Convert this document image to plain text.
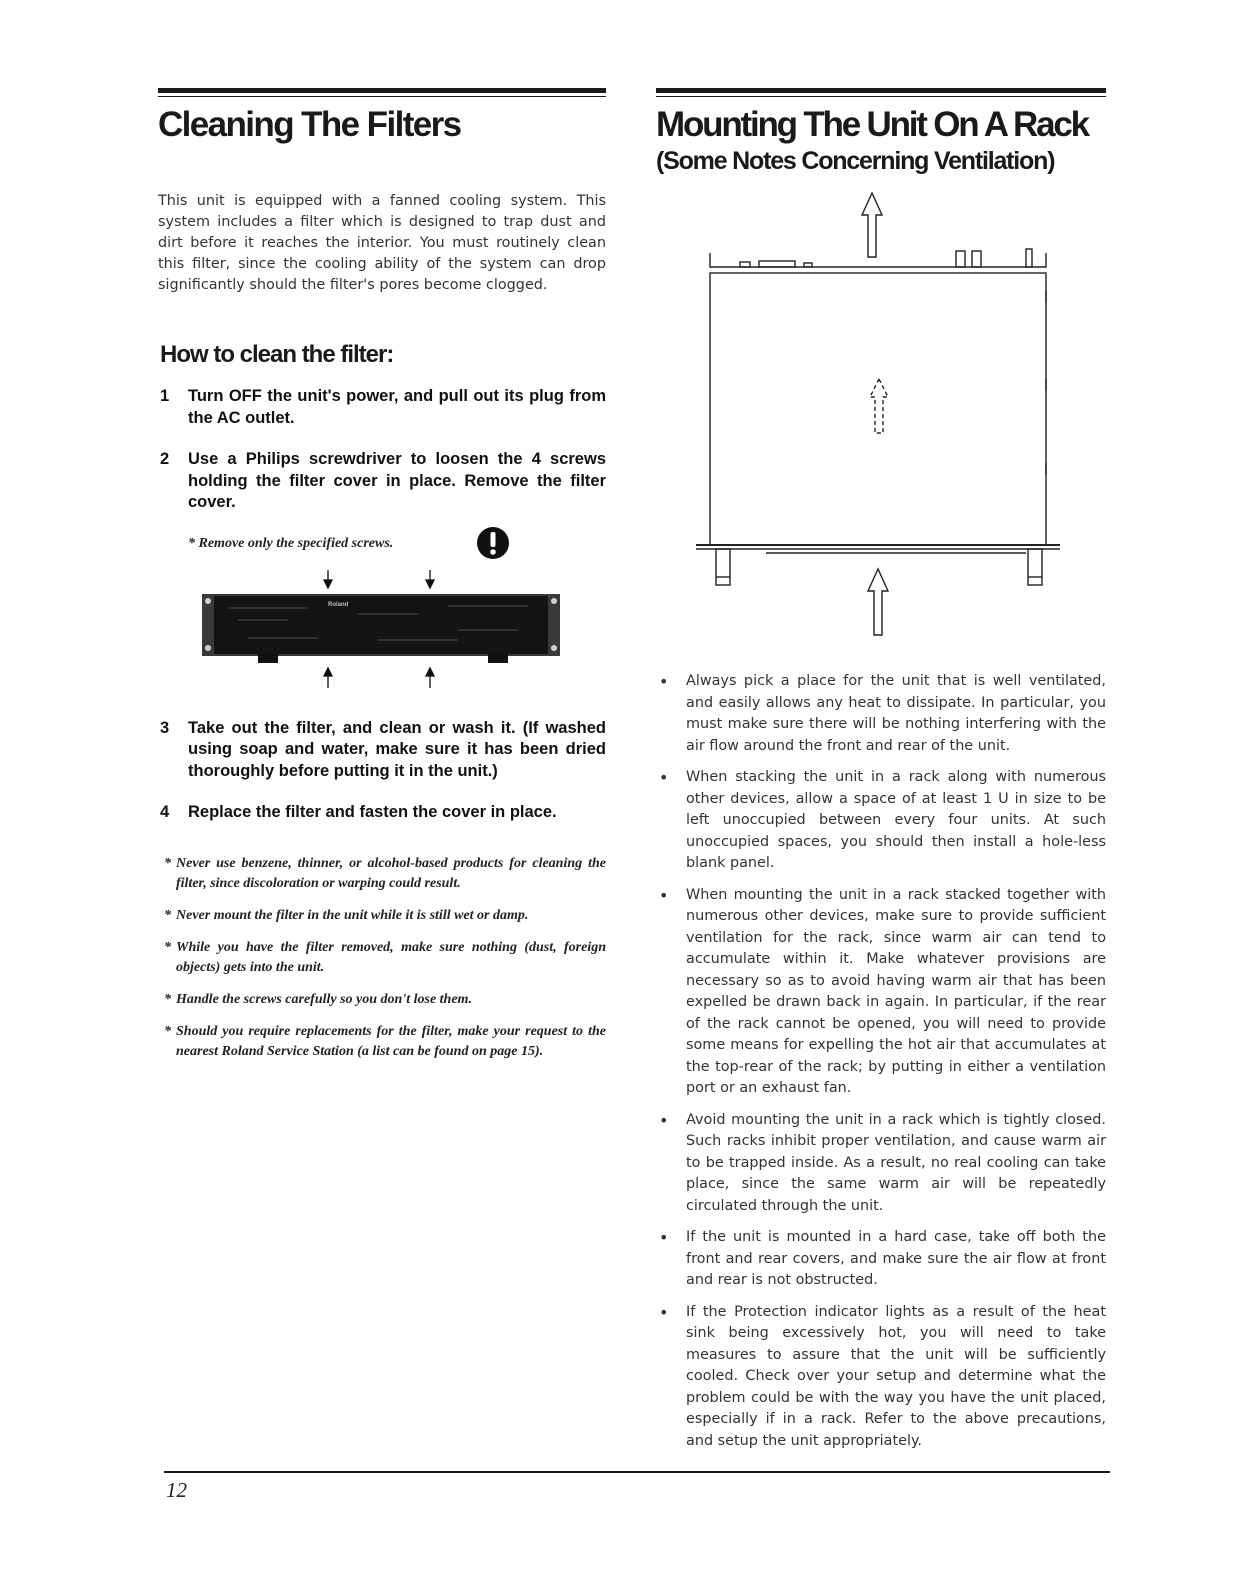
Cleaning The Filters

This unit is equipped with a fanned cooling system. This system includes a filter which is designed to trap dust and dirt before it reaches the interior. You must routinely clean this filter, since the cooling ability of the system can drop significantly should the filter's pores become clogged.

How to clean the filter:
1 Turn OFF the unit's power, and pull out its plug from the AC outlet.
2 Use a Philips screwdriver to loosen the 4 screws holding the filter cover in place. Remove the filter cover.
* Remove only the specified screws.
Roland
3 Take out the filter, and clean or wash it. (If washed using soap and water, make sure it has been dried thoroughly before putting it in the unit.)
4 Replace the filter and fasten the cover in place.
* Never use benzene, thinner, or alcohol-based products for cleaning the filter, since discoloration or warping could result.
* Never mount the filter in the unit while it is still wet or damp.
* While you have the filter removed, make sure nothing (dust, foreign objects) gets into the unit.
* Handle the screws carefully so you don't lose them.
* Should you require replacements for the filter, make your request to the nearest Roland Service Station (a list can be found on page 15).
Mounting The Unit On A Rack
(Some Notes Concerning Ventilation)
• Always pick a place for the unit that is well ventilated, and easily allows any heat to dissipate. In particular, you must make sure there will be nothing interfering with the air flow around the front and rear of the unit.
• When stacking the unit in a rack along with numerous other devices, allow a space of at least 1 U in size to be left unoccupied between every four units. At such unoccupied spaces, you should then install a hole-less blank panel.
• When mounting the unit in a rack stacked together with numerous other devices, make sure to provide sufficient ventilation for the rack, since warm air can tend to accumulate within it. Make whatever provisions are necessary so as to avoid having warm air that has been expelled be drawn back in again. In particular, if the rear of the rack cannot be opened, you will need to provide some means for expelling the hot air that accumulates at the top-rear of the rack; by putting in either a ventilation port or an exhaust fan.
• Avoid mounting the unit in a rack which is tightly closed. Such racks inhibit proper ventilation, and cause warm air to be trapped inside. As a result, no real cooling can take place, since the same warm air will be repeatedly circulated through the unit.
• If the unit is mounted in a hard case, take off both the front and rear covers, and make sure the air flow at front and rear is not obstructed.
• If the Protection indicator lights as a result of the heat sink being excessively hot, you will need to take measures to assure that the unit will be sufficiently cooled. Check over your setup and determine what the problem could be with the way you have the unit placed, especially if in a rack. Refer to the above precautions, and setup the unit appropriately.
12
